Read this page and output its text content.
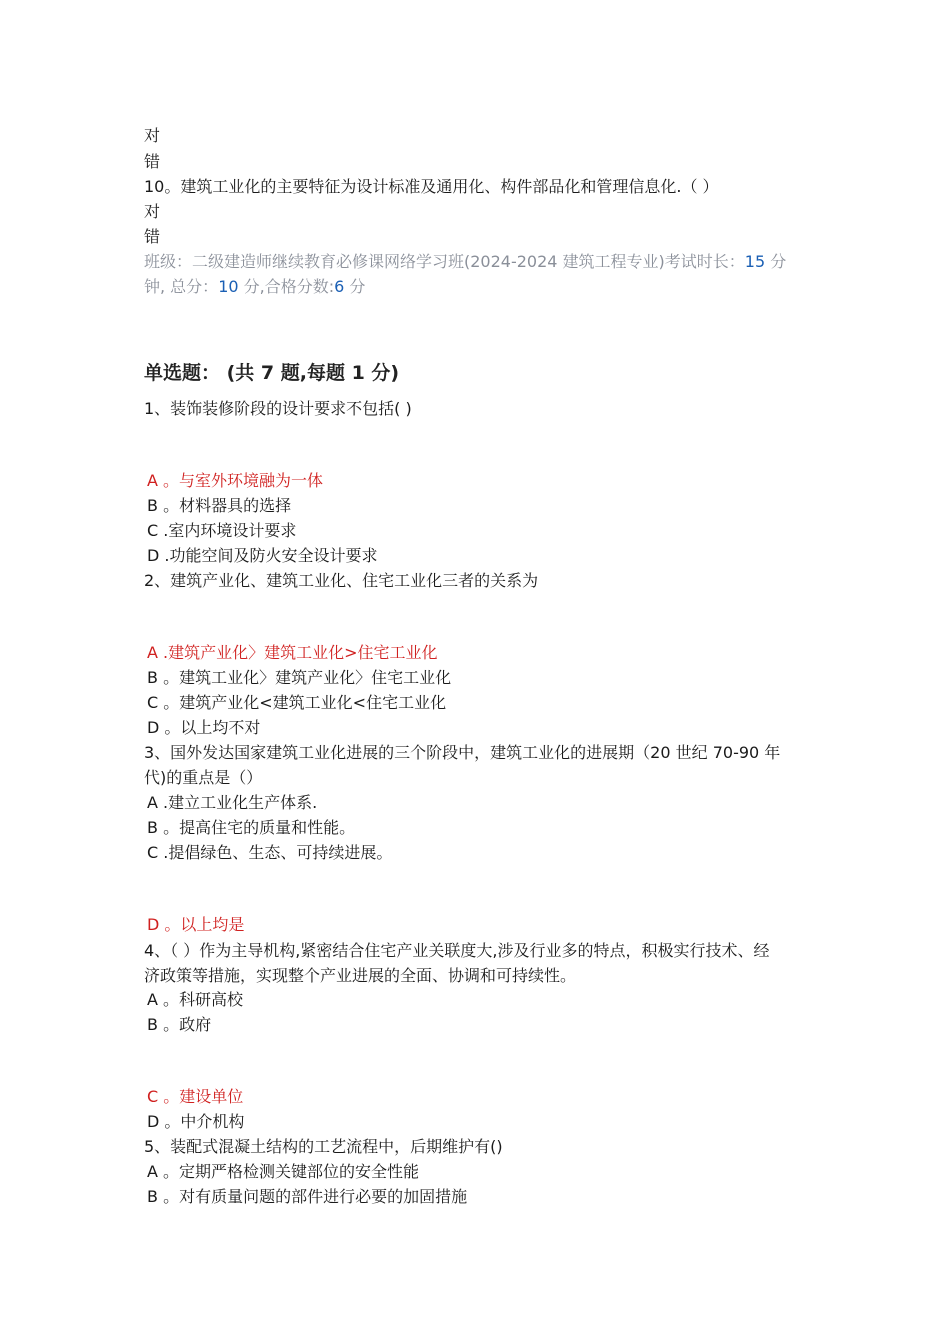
对
错
10。建筑工业化的主要特征为设计标准及通用化、构件部品化和管理信息化.（ ）
对
错
班级：二级建造师继续教育必修课网络学习班(2024-2024 建筑工程专业)考试时长：15 分
钟, 总分：10 分,合格分数:6 分
单选题： (共 7 题,每题 1 分)
1、装饰装修阶段的设计要求不包括( )
A 。与室外环境融为一体
B 。材料器具的选择
C .室内环境设计要求
D .功能空间及防火安全设计要求
2、建筑产业化、建筑工业化、住宅工业化三者的关系为
A .建筑产业化〉建筑工业化>住宅工业化
B 。建筑工业化〉建筑产业化〉住宅工业化
C 。建筑产业化<建筑工业化<住宅工业化
D 。以上均不对
3、国外发达国家建筑工业化进展的三个阶段中，建筑工业化的进展期（20 世纪 70-90 年
代)的重点是（）
A .建立工业化生产体系.
B 。提高住宅的质量和性能。
C .提倡绿色、生态、可持续进展。
D 。以上均是
4、（ ）作为主导机构,紧密结合住宅产业关联度大,涉及行业多的特点，积极实行技术、经
济政策等措施，实现整个产业进展的全面、协调和可持续性。
A 。科研高校
B 。政府
C 。建设单位
D 。中介机构
5、装配式混凝土结构的工艺流程中，后期维护有()
A 。定期严格检测关键部位的安全性能
B 。对有质量问题的部件进行必要的加固措施
